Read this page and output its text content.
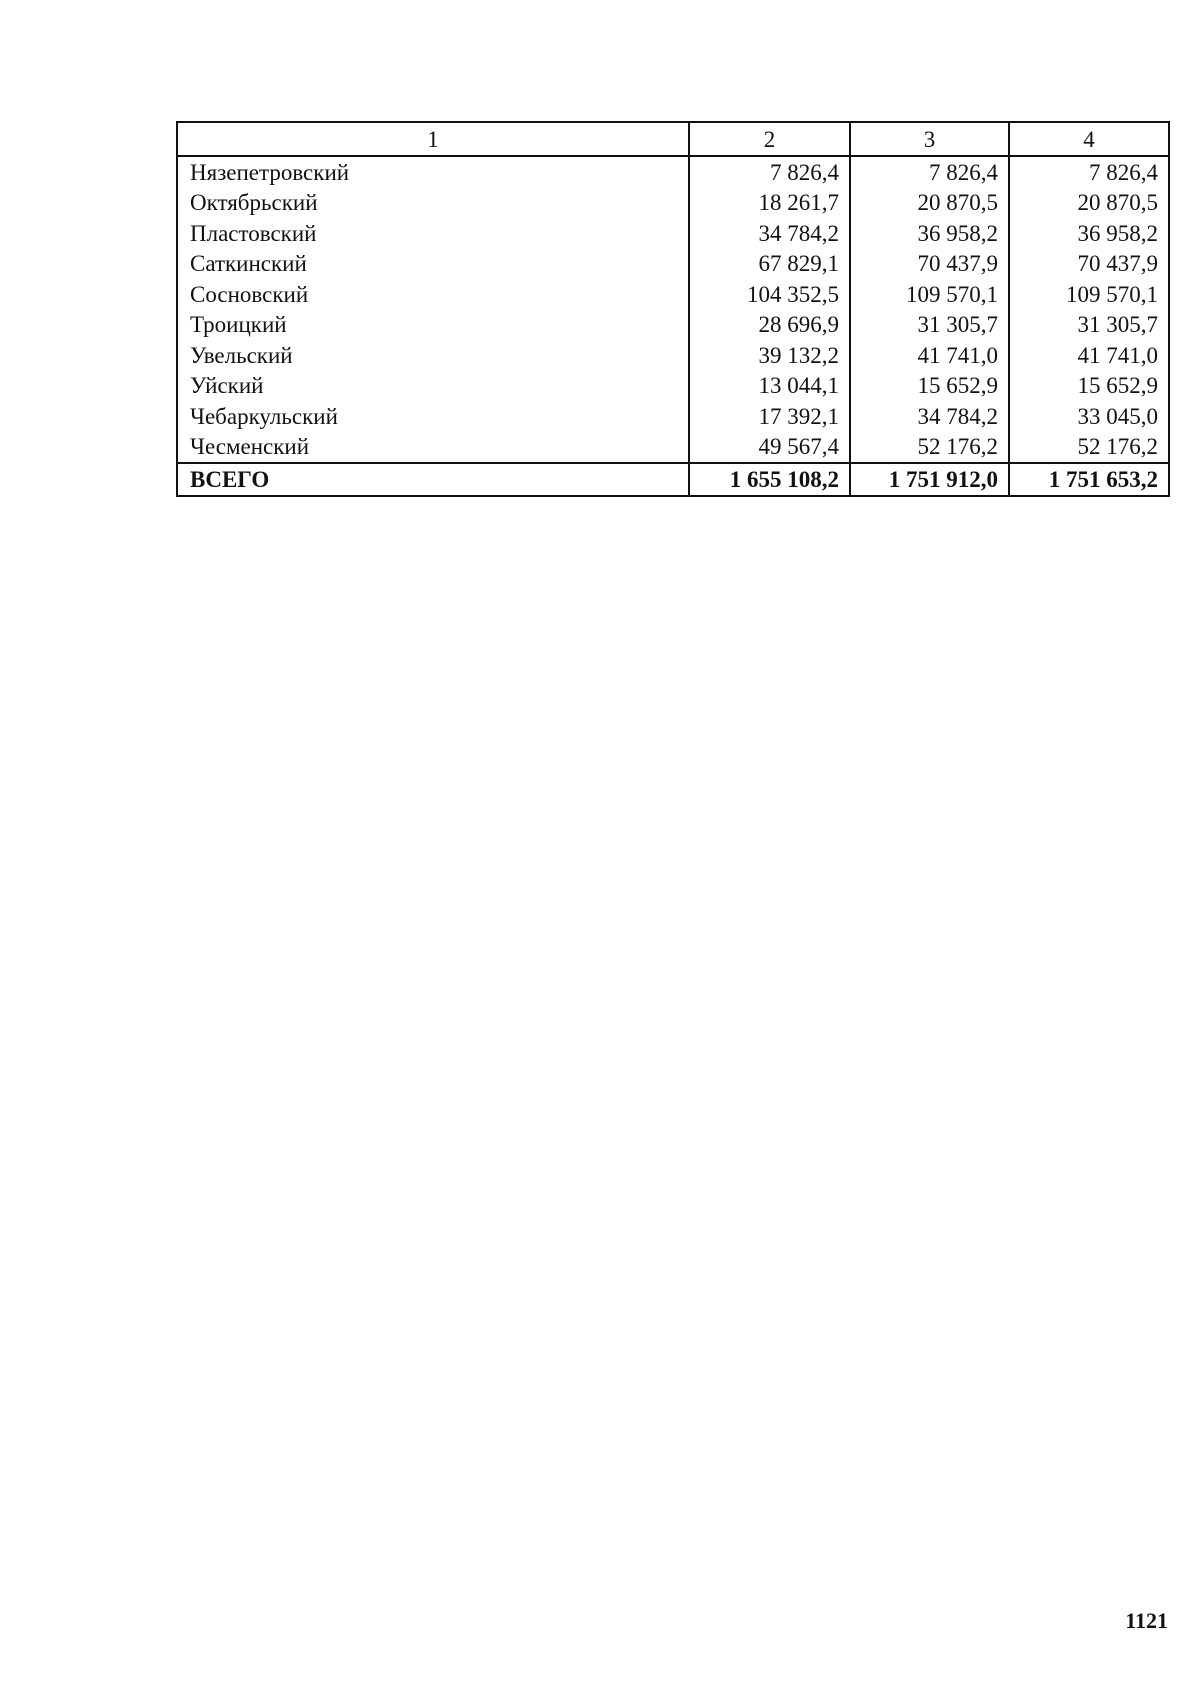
1	2	3	4
Нязепетровский	7 826,4	7 826,4	7 826,4
Октябрьский	18 261,7	20 870,5	20 870,5
Пластовский	34 784,2	36 958,2	36 958,2
Саткинский	67 829,1	70 437,9	70 437,9
Сосновский	104 352,5	109 570,1	109 570,1
Троицкий	28 696,9	31 305,7	31 305,7
Увельский	39 132,2	41 741,0	41 741,0
Уйский	13 044,1	15 652,9	15 652,9
Чебаркульский	17 392,1	34 784,2	33 045,0
Чесменский	49 567,4	52 176,2	52 176,2
ВСЕГО	1 655 108,2	1 751 912,0	1 751 653,2
1121
